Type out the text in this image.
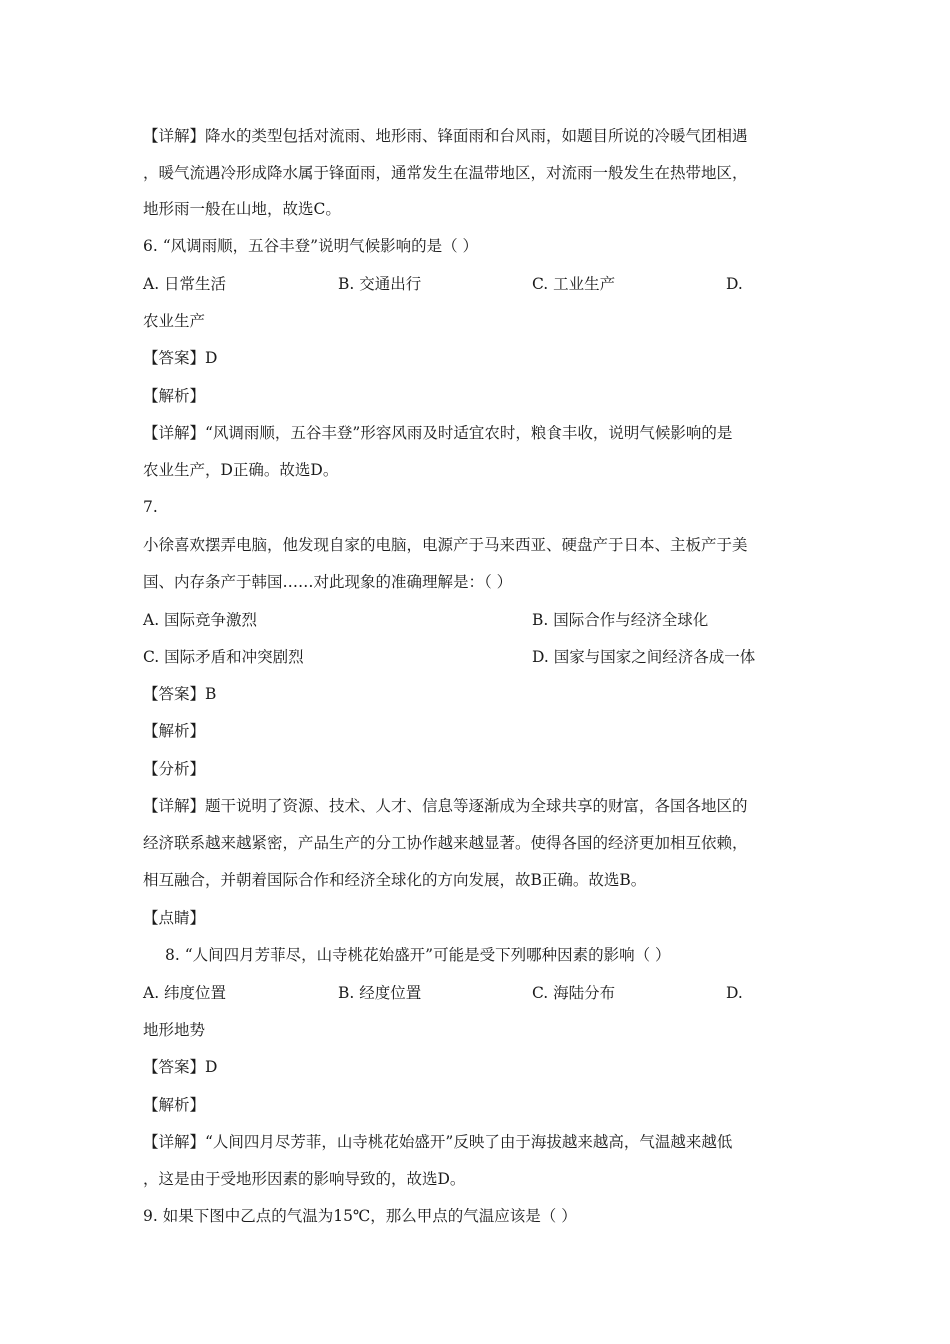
【详解】降水的类型包括对流雨、地形雨、锋面雨和台风雨，如题目所说的冷暖气团相遇
，暖气流遇冷形成降水属于锋面雨，通常发生在温带地区，对流雨一般发生在热带地区，
地形雨一般在山地，故选C。
6. “风调雨顺，五谷丰登”说明气候影响的是（ ）
A. 日常生活	B. 交通出行	C. 工业生产	D.
农业生产
【答案】D
【解析】
【详解】“风调雨顺，五谷丰登”形容风雨及时适宜农时，粮食丰收，说明气候影响的是
农业生产，D正确。故选D。
7.
小徐喜欢摆弄电脑，他发现自家的电脑，电源产于马来西亚、硬盘产于日本、主板产于美
国、内存条产于韩国……对此现象的准确理解是：（ ）
A. 国际竞争激烈	B. 国际合作与经济全球化
C. 国际矛盾和冲突剧烈	D. 国家与国家之间经济各成一体
【答案】B
【解析】
【分析】
【详解】题干说明了资源、技术、人才、信息等逐渐成为全球共享的财富，各国各地区的
经济联系越来越紧密，产品生产的分工协作越来越显著。使得各国的经济更加相互依赖，
相互融合，并朝着国际合作和经济全球化的方向发展，故B正确。故选B。
【点睛】
8. “人间四月芳菲尽，山寺桃花始盛开”可能是受下列哪种因素的影响（ ）
A. 纬度位置	B. 经度位置	C. 海陆分布	D.
地形地势
【答案】D
【解析】
【详解】“人间四月尽芳菲，山寺桃花始盛开”反映了由于海拔越来越高，气温越来越低
，这是由于受地形因素的影响导致的，故选D。
9. 如果下图中乙点的气温为15℃，那么甲点的气温应该是（ ）
